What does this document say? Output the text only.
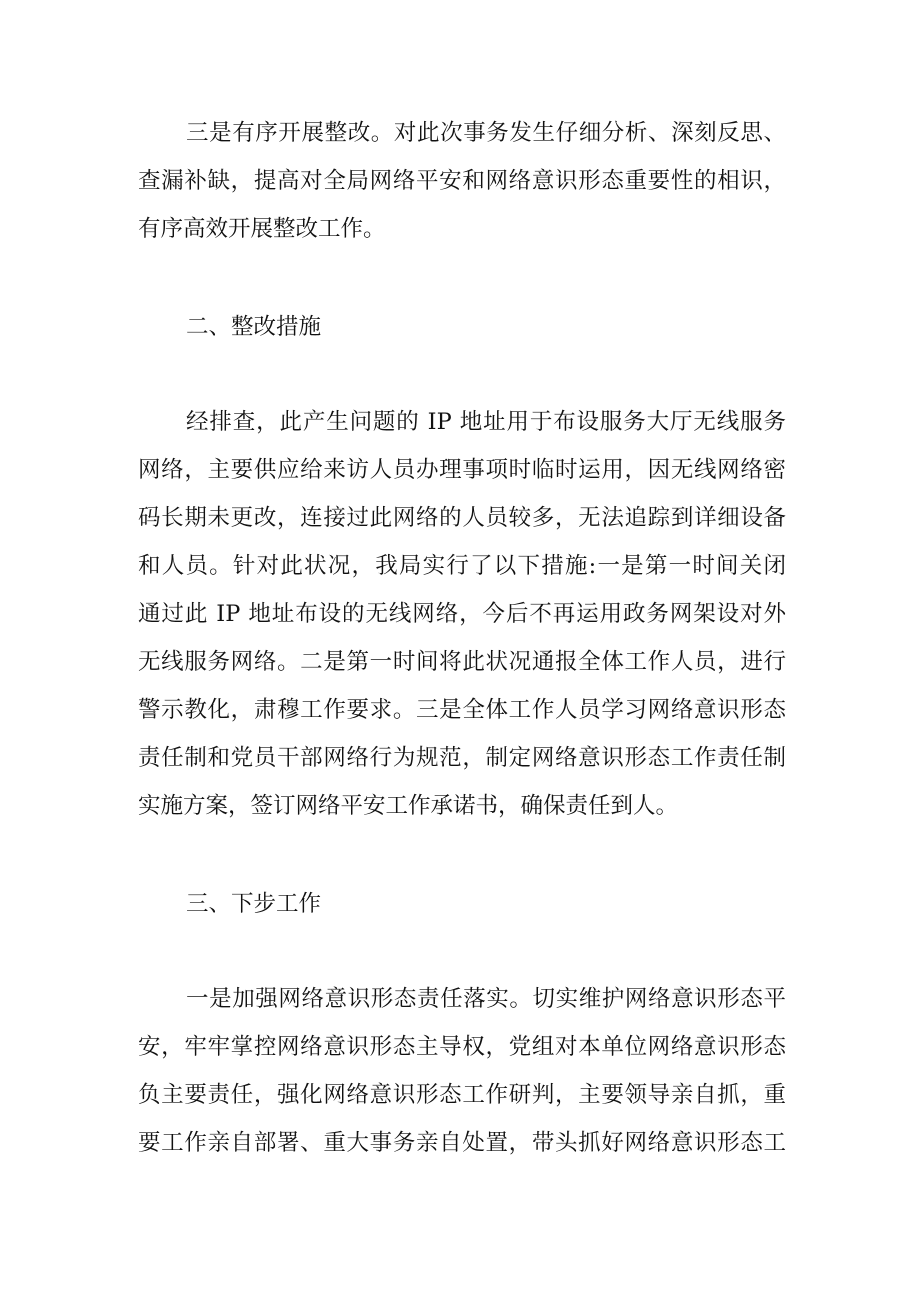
三是有序开展整改。对此次事务发生仔细分析、深刻反思、
查漏补缺，提高对全局网络平安和网络意识形态重要性的相识，
有序高效开展整改工作。
二、整改措施
经排查，此产生问题的 IP 地址用于布设服务大厅无线服务
网络，主要供应给来访人员办理事项时临时运用，因无线网络密
码长期未更改，连接过此网络的人员较多，无法追踪到详细设备
和人员。针对此状况，我局实行了以下措施:一是第一时间关闭
通过此 IP 地址布设的无线网络，今后不再运用政务网架设对外
无线服务网络。二是第一时间将此状况通报全体工作人员，进行
警示教化，肃穆工作要求。三是全体工作人员学习网络意识形态
责任制和党员干部网络行为规范，制定网络意识形态工作责任制
实施方案，签订网络平安工作承诺书，确保责任到人。
三、下步工作
一是加强网络意识形态责任落实。切实维护网络意识形态平
安，牢牢掌控网络意识形态主导权，党组对本单位网络意识形态
负主要责任，强化网络意识形态工作研判，主要领导亲自抓，重
要工作亲自部署、重大事务亲自处置，带头抓好网络意识形态工
